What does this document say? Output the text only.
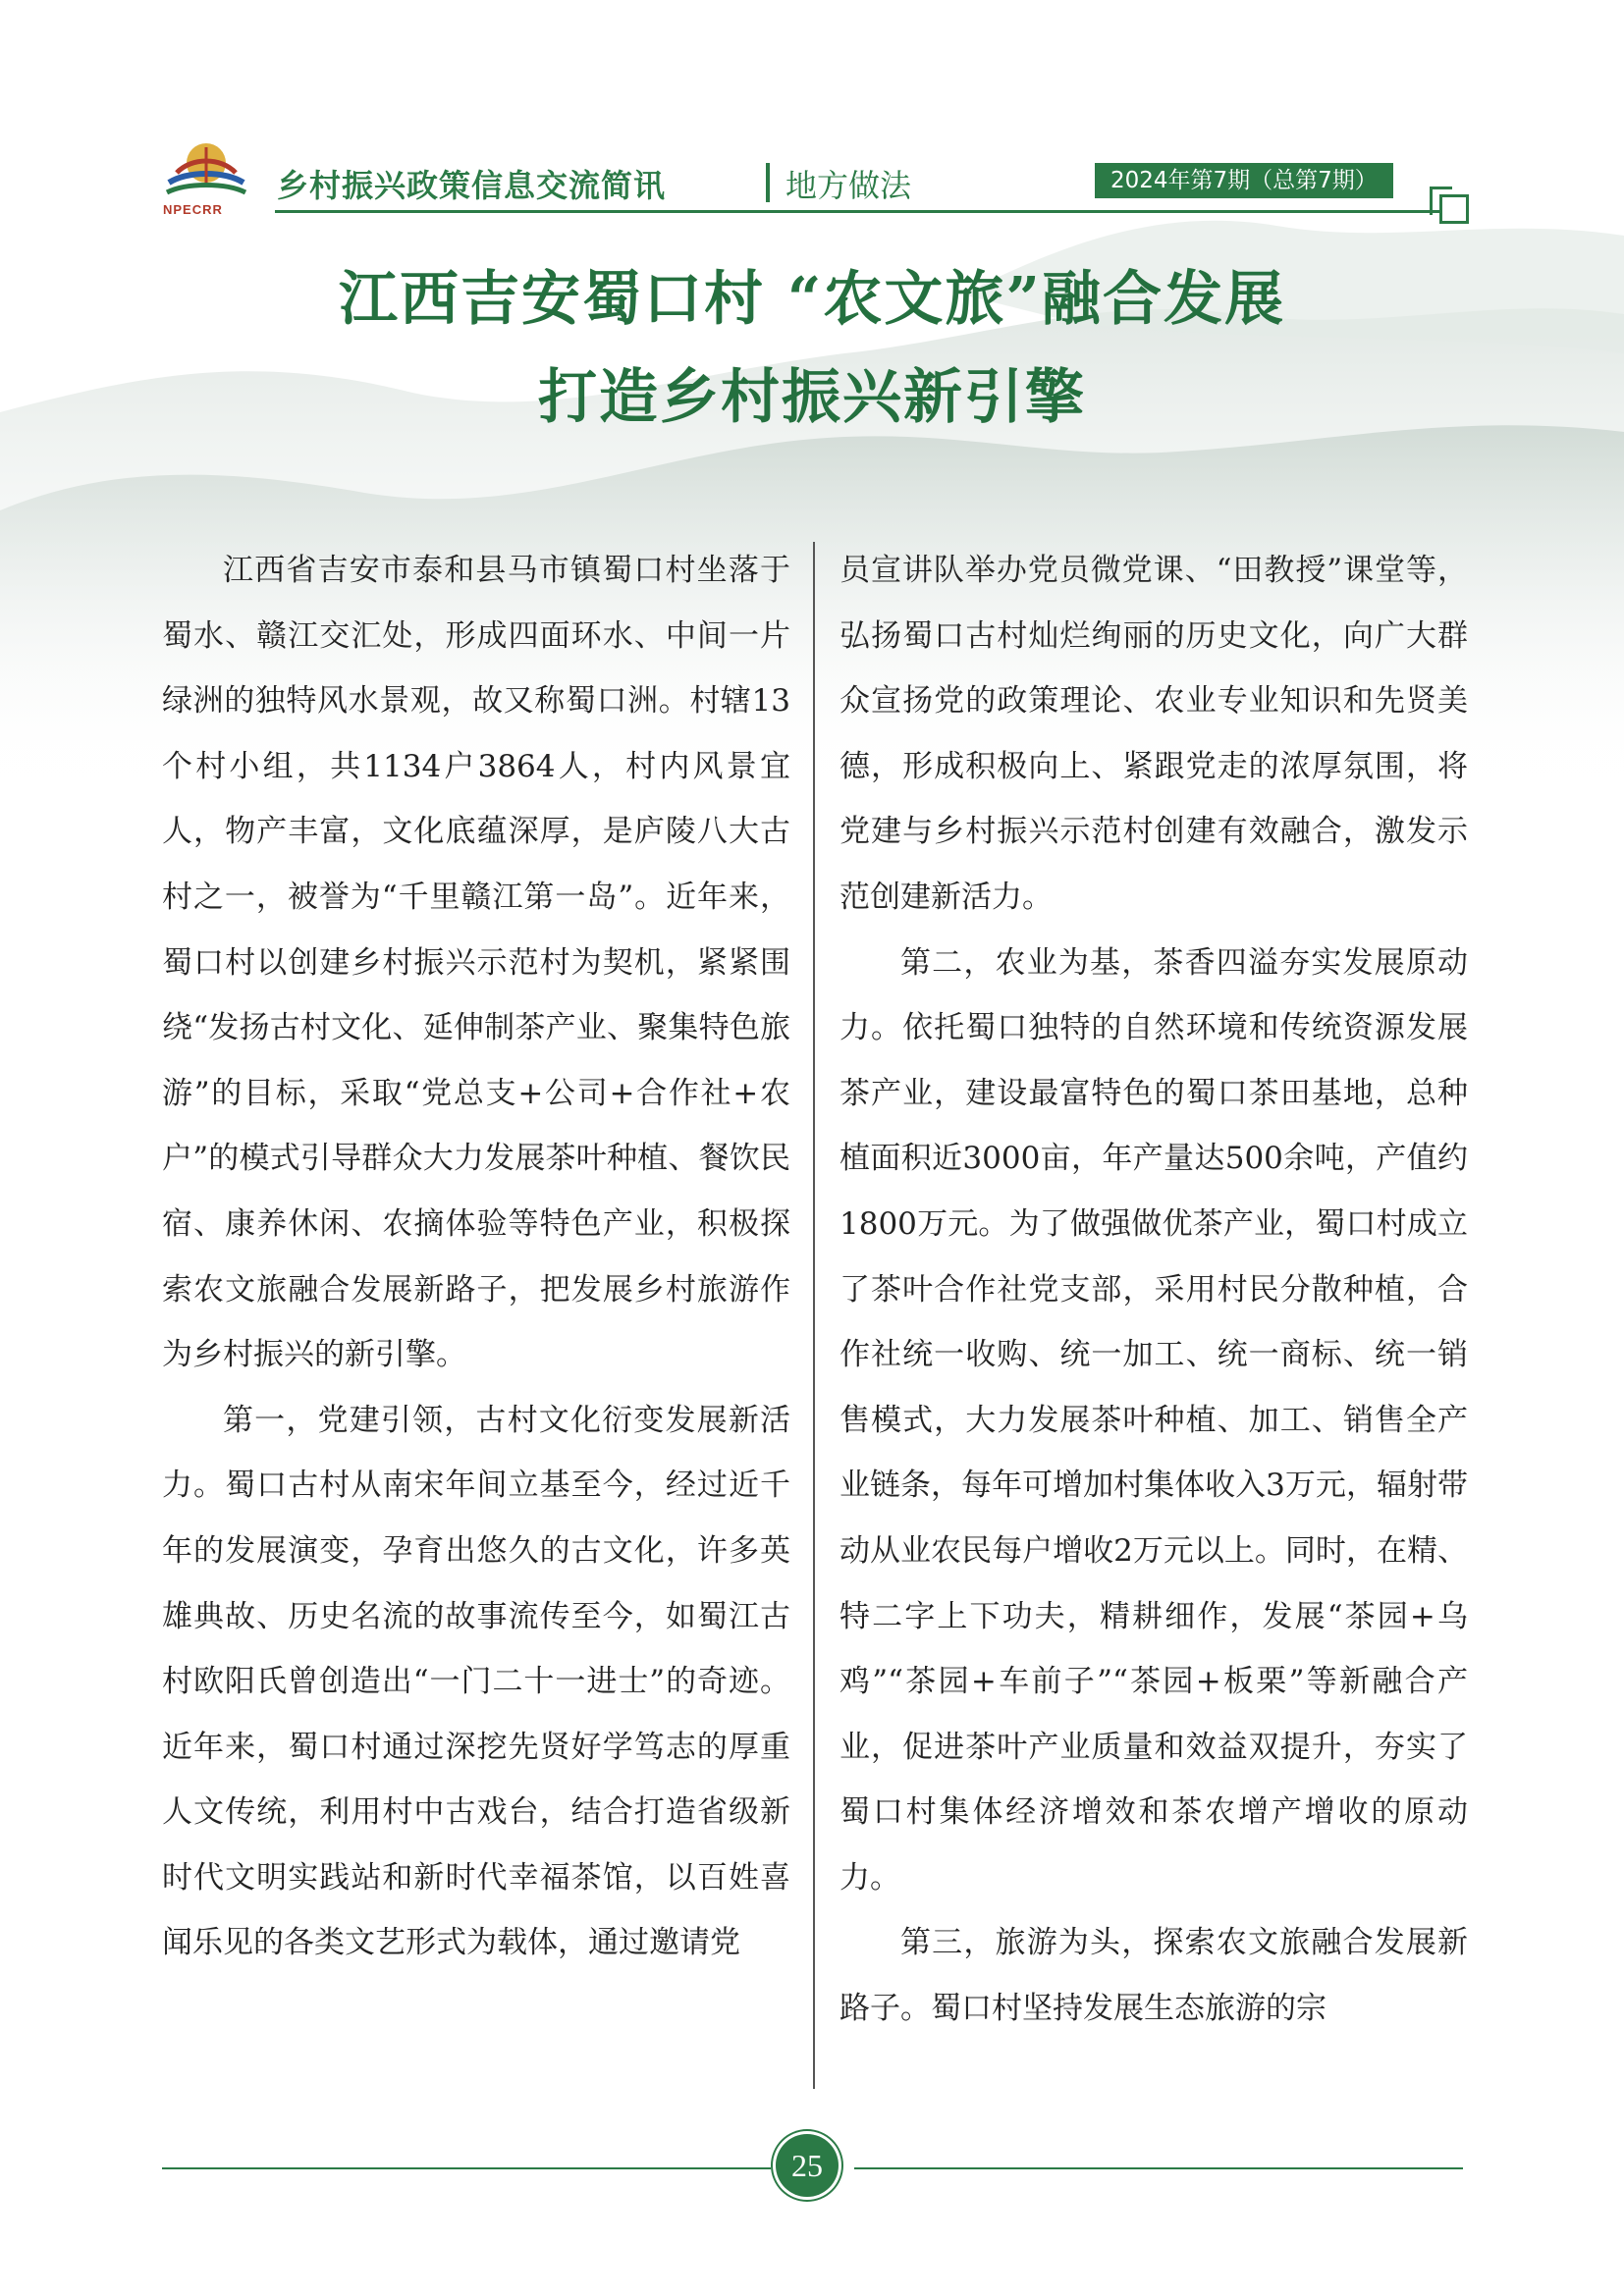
NPECRR
乡村振兴政策信息交流简讯	地方做法	2024年第7期（总第7期）
江西吉安蜀口村 “农文旅”融合发展
打造乡村振兴新引擎

江西省吉安市泰和县马市镇蜀口村坐落于蜀水、赣江交汇处，形成四面环水、中间一片绿洲的独特风水景观，故又称蜀口洲。村辖13个村小组，共1134户3864人，村内风景宜人，物产丰富，文化底蕴深厚，是庐陵八大古村之一，被誉为“千里赣江第一岛”。近年来，蜀口村以创建乡村振兴示范村为契机，紧紧围绕“发扬古村文化、延伸制茶产业、聚集特色旅游”的目标，采取“党总支+公司+合作社+农户”的模式引导群众大力发展茶叶种植、餐饮民宿、康养休闲、农摘体验等特色产业，积极探索农文旅融合发展新路子，把发展乡村旅游作为乡村振兴的新引擎。

第一，党建引领，古村文化衍变发展新活力。蜀口古村从南宋年间立基至今，经过近千年的发展演变，孕育出悠久的古文化，许多英雄典故、历史名流的故事流传至今，如蜀江古村欧阳氏曾创造出“一门二十一进士”的奇迹。近年来，蜀口村通过深挖先贤好学笃志的厚重人文传统，利用村中古戏台，结合打造省级新时代文明实践站和新时代幸福茶馆，以百姓喜闻乐见的各类文艺形式为载体，通过邀请党

员宣讲队举办党员微党课、“田教授”课堂等，弘扬蜀口古村灿烂绚丽的历史文化，向广大群众宣扬党的政策理论、农业专业知识和先贤美德，形成积极向上、紧跟党走的浓厚氛围，将党建与乡村振兴示范村创建有效融合，激发示范创建新活力。

第二，农业为基，茶香四溢夯实发展原动力。依托蜀口独特的自然环境和传统资源发展茶产业，建设最富特色的蜀口茶田基地，总种植面积近3000亩，年产量达500余吨，产值约1800万元。为了做强做优茶产业，蜀口村成立了茶叶合作社党支部，采用村民分散种植，合作社统一收购、统一加工、统一商标、统一销售模式，大力发展茶叶种植、加工、销售全产业链条，每年可增加村集体收入3万元，辐射带动从业农民每户增收2万元以上。同时，在精、特二字上下功夫，精耕细作，发展“茶园+乌鸡”“茶园+车前子”“茶园+板栗”等新融合产业，促进茶叶产业质量和效益双提升，夯实了蜀口村集体经济增效和茶农增产增收的原动力。

第三，旅游为头，探索农文旅融合发展新路子。蜀口村坚持发展生态旅游的宗

25
